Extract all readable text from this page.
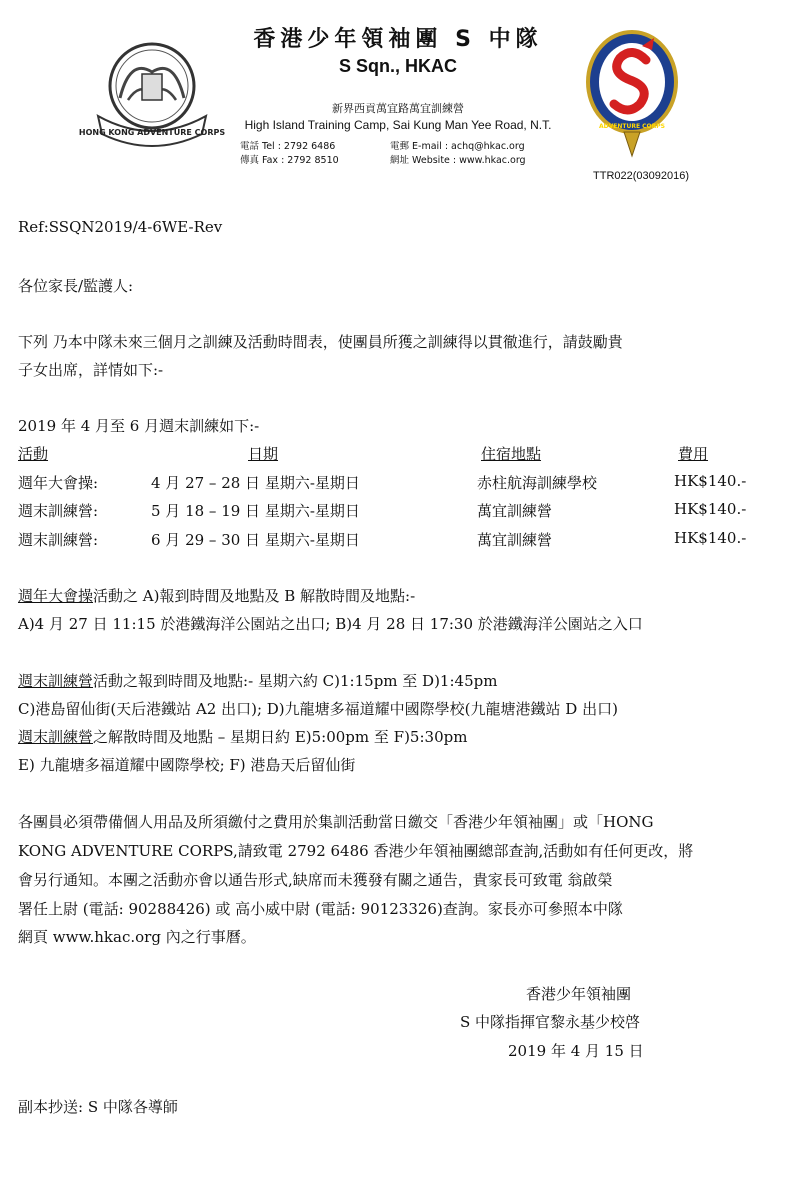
HONG KONG ADVENTURE CORPS
ADVENTURE CORPS
香港少年領袖團 S 中隊
S Sqn., HKAC
新界西貢萬宜路萬宜訓練營
High Island Training Camp, Sai Kung Man Yee Road, N.T.
電話 Tel : 2792 6486
傳真 Fax : 2792 8510
電郵 E-mail : achq@hkac.org
網址 Website : www.hkac.org
TTR022(03092016)
Ref:SSQN2019/4-6WE-Rev
各位家長/監護人:
下列 乃本中隊未來三個月之訓練及活動時間表，使團員所獲之訓練得以貫徹進行，請鼓勵貴
子女出席，詳情如下:-
2019 年 4 月至 6 月週末訓練如下:-
活動	日期	住宿地點	費用
週年大會操:	4 月 27 – 28 日 星期六-星期日	赤柱航海訓練學校	HK$140.-
週末訓練營:	5 月 18 – 19 日 星期六-星期日	萬宜訓練營	HK$140.-
週末訓練營:	6 月 29 – 30 日 星期六-星期日	萬宜訓練營	HK$140.-
週年大會操活動之 A)報到時間及地點及 B 解散時間及地點:-
A)4 月 27 日 11:15 於港鐵海洋公園站之出口; B)4 月 28 日 17:30 於港鐵海洋公園站之入口
週末訓練營活動之報到時間及地點:- 星期六約 C)1:15pm 至 D)1:45pm
C)港島留仙街(天后港鐵站 A2 出口); D)九龍塘多福道耀中國際學校(九龍塘港鐵站 D 出口)
週末訓練營之解散時間及地點 – 星期日約 E)5:00pm 至 F)5:30pm
E) 九龍塘多福道耀中國際學校; F) 港島天后留仙街
各團員必須帶備個人用品及所須繳付之費用於集訓活動當日繳交「香港少年領袖團」或「HONG
KONG ADVENTURE CORPS,請致電 2792 6486 香港少年領袖團總部查詢,活動如有任何更改，將
會另行通知。本團之活動亦會以通告形式,缺席而未獲發有關之通告，貴家長可致電 翁啟榮
署任上尉 (電話: 90288426) 或 高小威中尉 (電話: 90123326)查詢。家長亦可參照本中隊
網頁 www.hkac.org 內之行事曆。
香港少年領袖團
S 中隊指揮官黎永基少校啓
2019 年 4 月 15 日
副本抄送: S 中隊各導師
